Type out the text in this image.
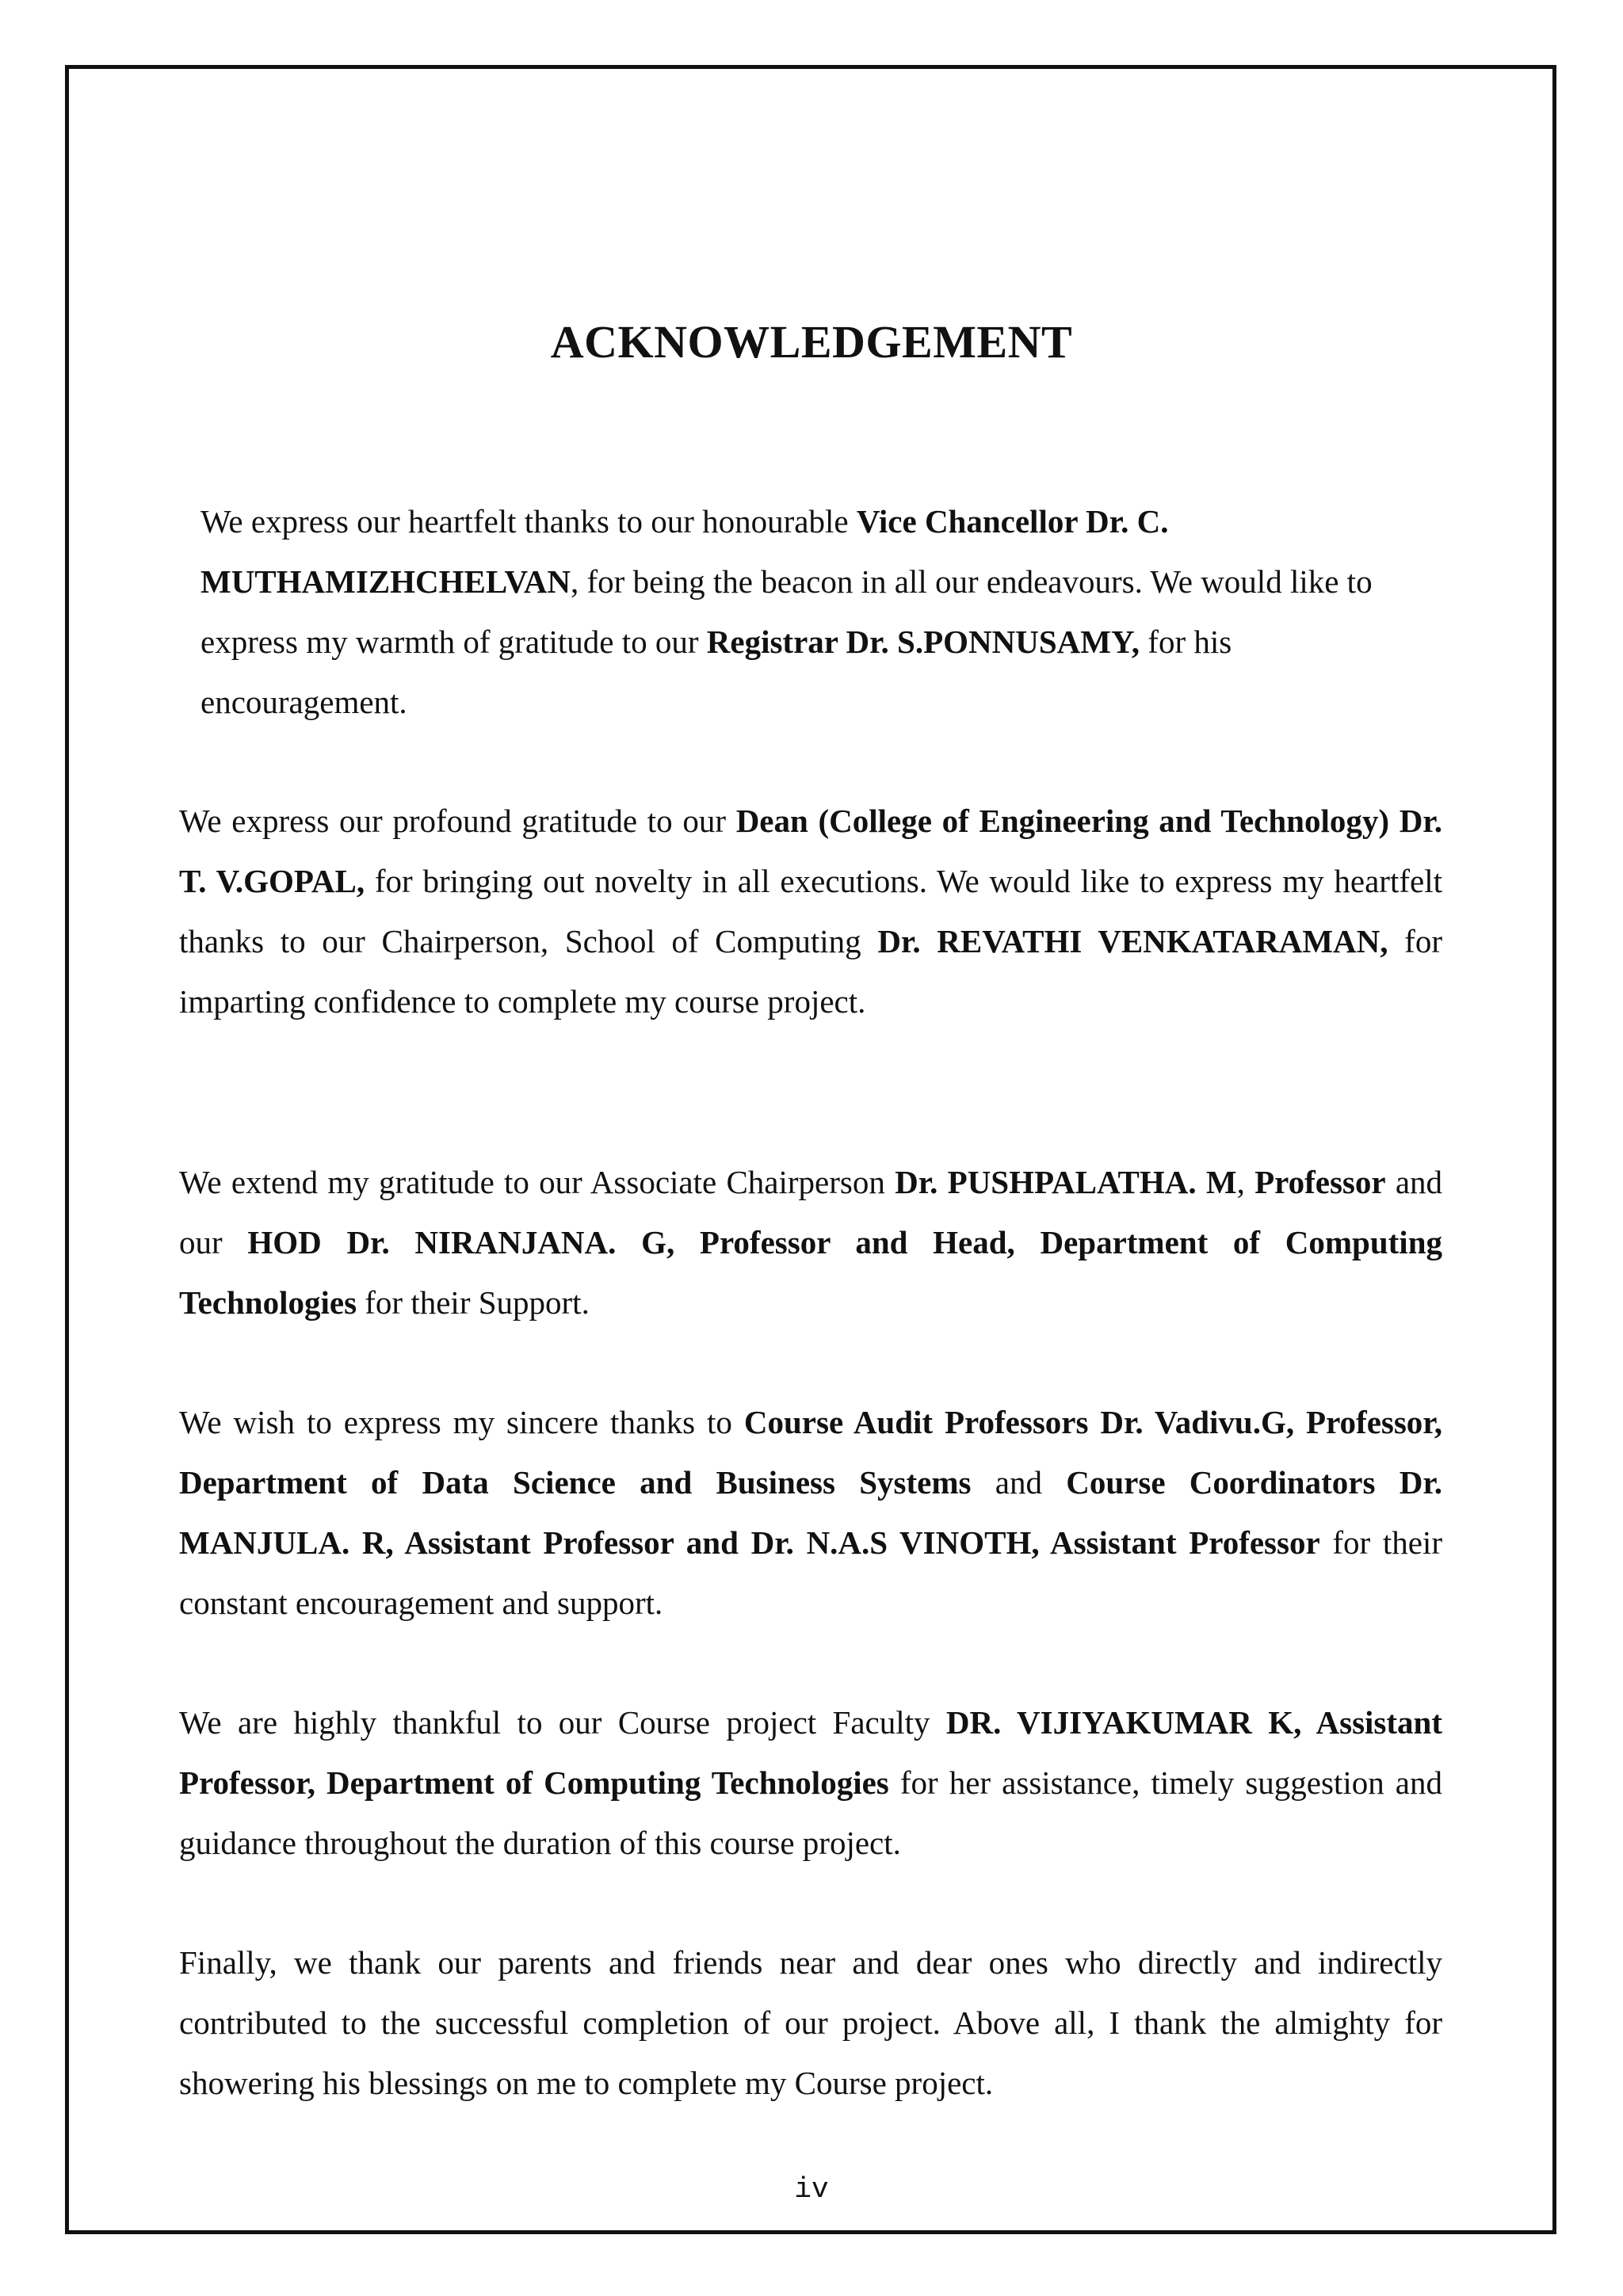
ACKNOWLEDGEMENT

We express our heartfelt thanks to our honourable Vice Chancellor Dr. C. MUTHAMIZHCHELVAN, for being the beacon in all our endeavours. We would like to express my warmth of gratitude to our Registrar Dr. S.PONNUSAMY, for his encouragement.

We express our profound gratitude to our Dean (College of Engineering and Technology) Dr. T. V.GOPAL, for bringing out novelty in all executions. We would like to express my heartfelt thanks to our Chairperson, School of Computing Dr. REVATHI VENKATARAMAN, for imparting confidence to complete my course project.

We extend my gratitude to our Associate Chairperson Dr. PUSHPALATHA. M, Professor and our HOD Dr. NIRANJANA. G, Professor and Head, Department of Computing Technologies for their Support.

We wish to express my sincere thanks to Course Audit Professors Dr. Vadivu.G, Professor, Department of Data Science and Business Systems and Course Coordinators Dr. MANJULA. R, Assistant Professor and Dr. N.A.S VINOTH, Assistant Professor for their constant encouragement and support.

We are highly thankful to our Course project Faculty DR. VIJIYAKUMAR K, Assistant Professor, Department of Computing Technologies for her assistance, timely suggestion and guidance throughout the duration of this course project.

Finally, we thank our parents and friends near and dear ones who directly and indirectly contributed to the successful completion of our project. Above all, I thank the almighty for showering his blessings on me to complete my Course project.

iv
